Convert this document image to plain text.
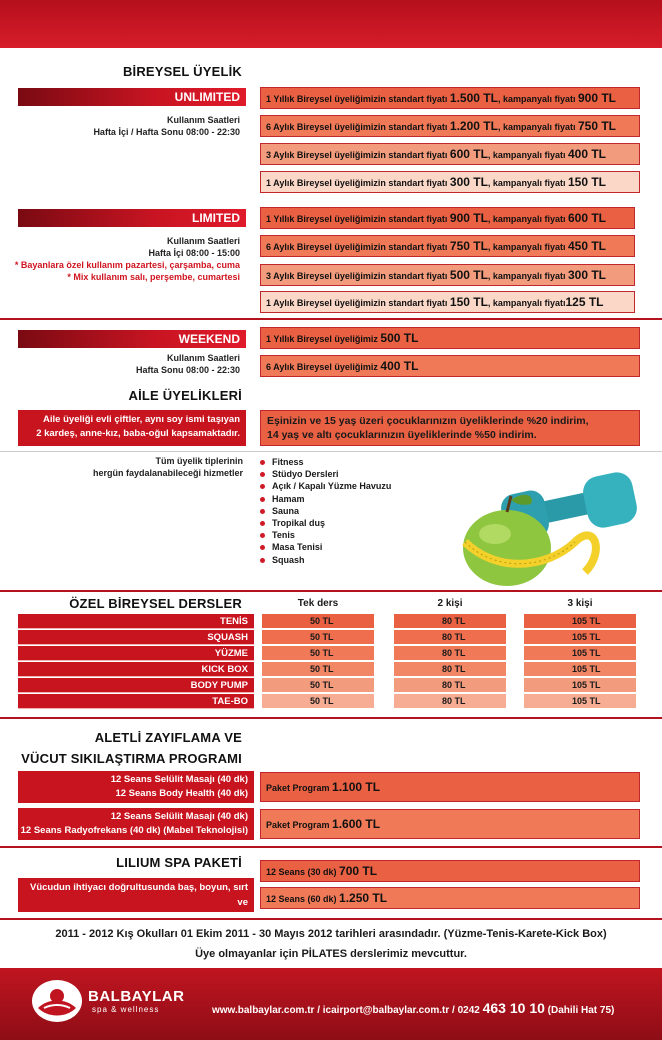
BİREYSEL ÜYELİK
UNLIMITED
Kullanım Saatleri
Hafta İçi / Hafta Sonu 08:00 - 22:30
1 Yıllık Bireysel üyeliğimizin standart fiyatı 1.500 TL, kampanyalı fiyatı 900 TL
6 Aylık Bireysel üyeliğimizin standart fiyatı 1.200 TL, kampanyalı fiyatı 750 TL
3 Aylık Bireysel üyeliğimizin standart fiyatı 600 TL, kampanyalı fiyatı 400 TL
1 Aylık Bireysel üyeliğimizin standart fiyatı 300 TL, kampanyalı fiyatı 150 TL
LIMITED
Kullanım Saatleri
Hafta İçi 08:00 - 15:00
* Bayanlara özel kullanım pazartesi, çarşamba, cuma
* Mix kullanım salı, perşembe, cumartesi
1 Yıllık Bireysel üyeliğimizin standart fiyatı 900 TL, kampanyalı fiyatı 600 TL
6 Aylık Bireysel üyeliğimizin standart fiyatı 750 TL, kampanyalı fiyatı 450 TL
3 Aylık Bireysel üyeliğimizin standart fiyatı 500 TL, kampanyalı fiyatı 300 TL
1 Aylık Bireysel üyeliğimizin standart fiyatı 150 TL, kampanyalı fiyatı125 TL
WEEKEND
Kullanım Saatleri
Hafta Sonu 08:00 - 22:30
1 Yıllık Bireysel üyeliğimiz 500 TL
6 Aylık Bireysel üyeliğimiz 400 TL
AİLE ÜYELİKLERİ
Aile üyeliği evli çiftler, aynı soy ismi taşıyan
2 kardeş, anne-kız, baba-oğul kapsamaktadır.
Eşinizin ve 15 yaş üzeri çocuklarınızın üyeliklerinde %20 indirim,
14 yaş ve altı çocuklarınızın üyeliklerinde %50 indirim.
Tüm üyelik tiplerinin
hergün faydalanabileceği hizmetler
Fitness
Stüdyo Dersleri
Açık / Kapalı Yüzme Havuzu
Hamam
Sauna
Tropikal duş
Tenis
Masa Tenisi
Squash
ÖZEL BİREYSEL DERSLER	Tek ders	2 kişi	3 kişi
TENİS	50 TL	80 TL	105 TL
SQUASH	50 TL	80 TL	105 TL
YÜZME	50 TL	80 TL	105 TL
KICK BOX	50 TL	80 TL	105 TL
BODY PUMP	50 TL	80 TL	105 TL
TAE-BO	50 TL	80 TL	105 TL
ALETLİ ZAYIFLAMA VE
VÜCUT SIKILAŞTIRMA PROGRAMI
12 Seans Selülit Masajı (40 dk)
12 Seans Body Health (40 dk)	Paket Program 1.100 TL
12 Seans Selülit Masajı (40 dk)
12 Seans Radyofrekans (40 dk) (Mabel Teknolojisi)	Paket Program 1.600 TL
LILIUM SPA PAKETİ
Vücudun ihtiyacı doğrultusunda baş, boyun, sırt ve
12 Seans (30 dk) 700 TL
12 Seans (60 dk) 1.250 TL
2011 - 2012 Kış Okulları 01 Ekim 2011 - 30 Mayıs 2012 tarihleri arasındadır. (Yüzme-Tenis-Karete-Kick Box)
Üye olmayanlar için PİLATES derslerimiz mevcuttur.
BALBAYLAR
spa & wellness	www.balbaylar.com.tr / icairport@balbaylar.com.tr / 0242 463 10 10 (Dahili Hat 75)
